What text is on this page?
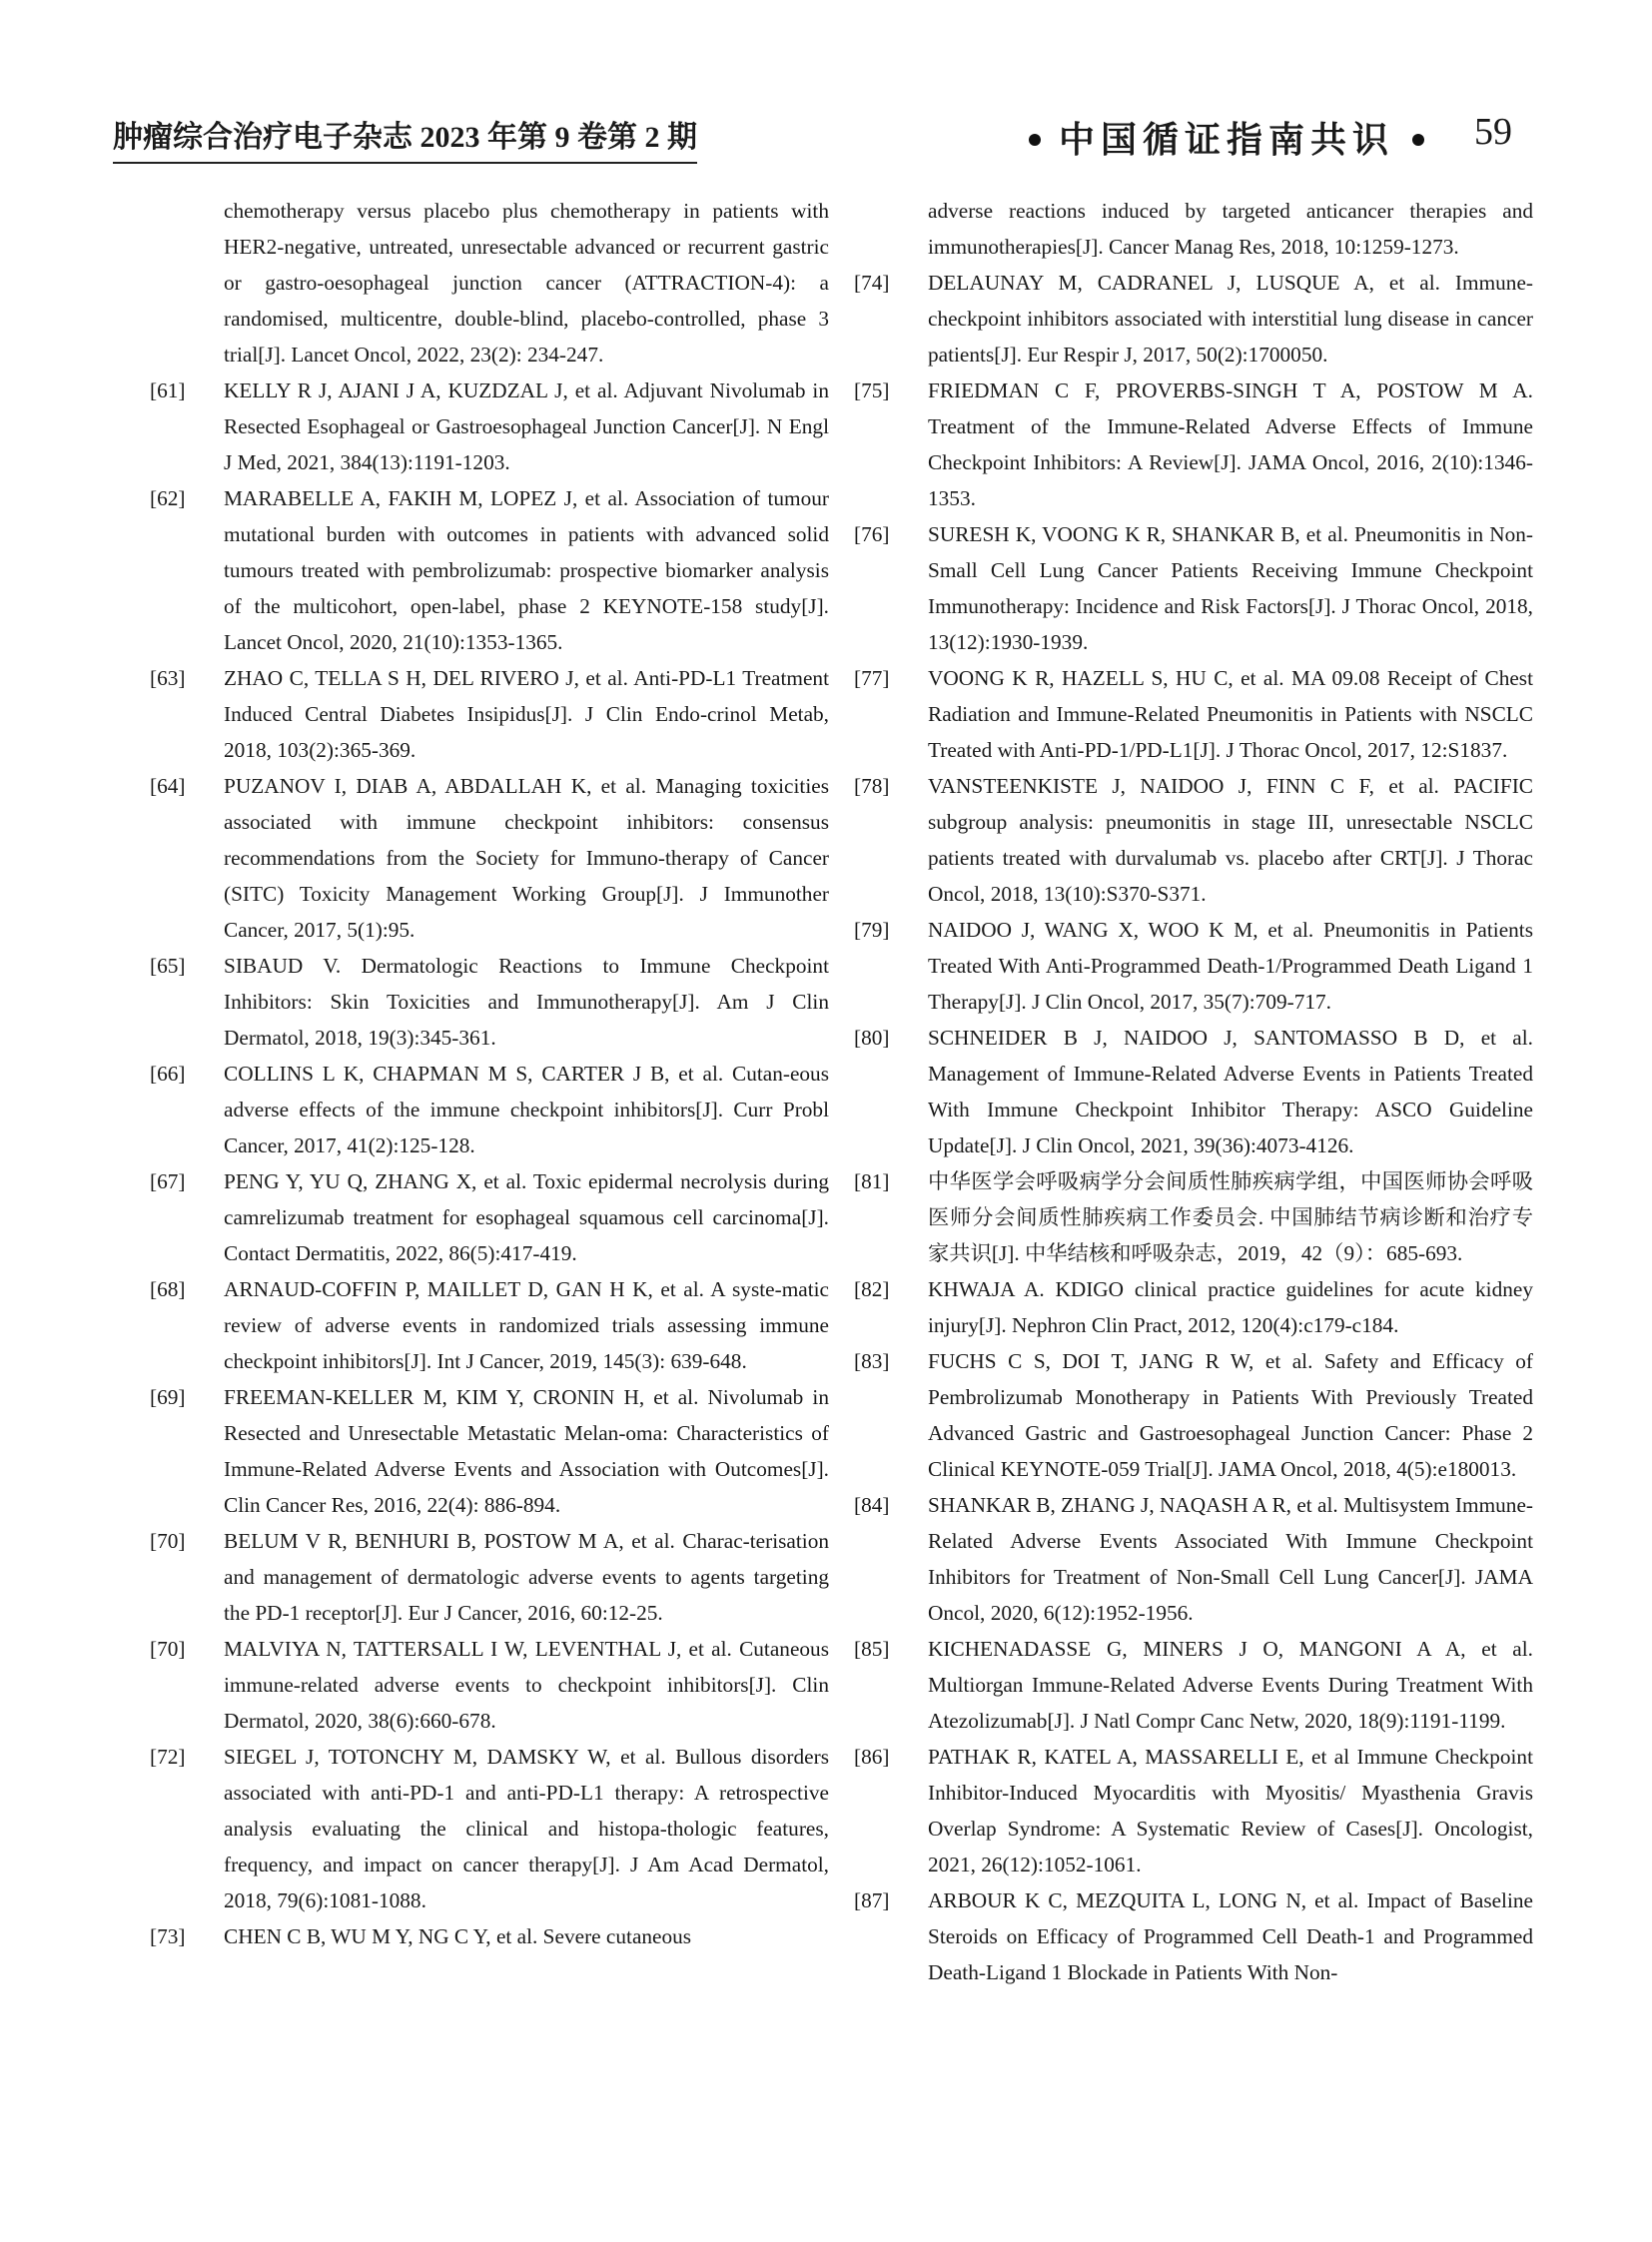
肿瘤综合治疗电子杂志 2023 年第 9 卷第 2 期	中国循证指南共识	59
chemotherapy versus placebo plus chemotherapy in patients with HER2-negative, untreated, unresectable advanced or recurrent gastric or gastro-oesophageal junction cancer (ATTRACTION-4): a randomised, multicentre, double-blind, placebo-controlled, phase 3 trial[J]. Lancet Oncol, 2022, 23(2): 234-247.
[61] KELLY R J, AJANI J A, KUZDZAL J, et al. Adjuvant Nivolumab in Resected Esophageal or Gastroesophageal Junction Cancer[J]. N Engl J Med, 2021, 384(13):1191-1203.
[62] MARABELLE A, FAKIH M, LOPEZ J, et al. Association of tumour mutational burden with outcomes in patients with advanced solid tumours treated with pembrolizumab: prospective biomarker analysis of the multicohort, open-label, phase 2 KEYNOTE-158 study[J]. Lancet Oncol, 2020, 21(10):1353-1365.
[63] ZHAO C, TELLA S H, DEL RIVERO J, et al. Anti-PD-L1 Treatment Induced Central Diabetes Insipidus[J]. J Clin Endo-crinol Metab, 2018, 103(2):365-369.
[64] PUZANOV I, DIAB A, ABDALLAH K, et al. Managing toxicities associated with immune checkpoint inhibitors: consensus recommendations from the Society for Immuno-therapy of Cancer (SITC) Toxicity Management Working Group[J]. J Immunother Cancer, 2017, 5(1):95.
[65] SIBAUD V. Dermatologic Reactions to Immune Checkpoint Inhibitors: Skin Toxicities and Immunotherapy[J]. Am J Clin Dermatol, 2018, 19(3):345-361.
[66] COLLINS L K, CHAPMAN M S, CARTER J B, et al. Cutan-eous adverse effects of the immune checkpoint inhibitors[J]. Curr Probl Cancer, 2017, 41(2):125-128.
[67] PENG Y, YU Q, ZHANG X, et al. Toxic epidermal necrolysis during camrelizumab treatment for esophageal squamous cell carcinoma[J]. Contact Dermatitis, 2022, 86(5):417-419.
[68] ARNAUD-COFFIN P, MAILLET D, GAN H K, et al. A syste-matic review of adverse events in randomized trials assessing immune checkpoint inhibitors[J]. Int J Cancer, 2019, 145(3): 639-648.
[69] FREEMAN-KELLER M, KIM Y, CRONIN H, et al. Nivolumab in Resected and Unresectable Metastatic Melan-oma: Characteristics of Immune-Related Adverse Events and Association with Outcomes[J]. Clin Cancer Res, 2016, 22(4): 886-894.
[70] BELUM V R, BENHURI B, POSTOW M A, et al. Charac-terisation and management of dermatologic adverse events to agents targeting the PD-1 receptor[J]. Eur J Cancer, 2016, 60:12-25.
[70] MALVIYA N, TATTERSALL I W, LEVENTHAL J, et al. Cutaneous immune-related adverse events to checkpoint inhibitors[J]. Clin Dermatol, 2020, 38(6):660-678.
[72] SIEGEL J, TOTONCHY M, DAMSKY W, et al. Bullous disorders associated with anti-PD-1 and anti-PD-L1 therapy: A retrospective analysis evaluating the clinical and histopa-thologic features, frequency, and impact on cancer therapy[J]. J Am Acad Dermatol, 2018, 79(6):1081-1088.
[73] CHEN C B, WU M Y, NG C Y, et al. Severe cutaneous
adverse reactions induced by targeted anticancer therapies and immunotherapies[J]. Cancer Manag Res, 2018, 10:1259-1273.
[74] DELAUNAY M, CADRANEL J, LUSQUE A, et al. Immune-checkpoint inhibitors associated with interstitial lung disease in cancer patients[J]. Eur Respir J, 2017, 50(2):1700050.
[75] FRIEDMAN C F, PROVERBS-SINGH T A, POSTOW M A. Treatment of the Immune-Related Adverse Effects of Immune Checkpoint Inhibitors: A Review[J]. JAMA Oncol, 2016, 2(10):1346-1353.
[76] SURESH K, VOONG K R, SHANKAR B, et al. Pneumonitis in Non-Small Cell Lung Cancer Patients Receiving Immune Checkpoint Immunotherapy: Incidence and Risk Factors[J]. J Thorac Oncol, 2018, 13(12):1930-1939.
[77] VOONG K R, HAZELL S, HU C, et al. MA 09.08 Receipt of Chest Radiation and Immune-Related Pneumonitis in Patients with NSCLC Treated with Anti-PD-1/PD-L1[J]. J Thorac Oncol, 2017, 12:S1837.
[78] VANSTEENKISTE J, NAIDOO J, FINN C F, et al. PACIFIC subgroup analysis: pneumonitis in stage III, unresectable NSCLC patients treated with durvalumab vs. placebo after CRT[J]. J Thorac Oncol, 2018, 13(10):S370-S371.
[79] NAIDOO J, WANG X, WOO K M, et al. Pneumonitis in Patients Treated With Anti-Programmed Death-1/Programmed Death Ligand 1 Therapy[J]. J Clin Oncol, 2017, 35(7):709-717.
[80] SCHNEIDER B J, NAIDOO J, SANTOMASSO B D, et al. Management of Immune-Related Adverse Events in Patients Treated With Immune Checkpoint Inhibitor Therapy: ASCO Guideline Update[J]. J Clin Oncol, 2021, 39(36):4073-4126.
[81] 中华医学会呼吸病学分会间质性肺疾病学组，中国医师协会呼吸医师分会间质性肺疾病工作委员会. 中国肺结节病诊断和治疗专家共识[J]. 中华结核和呼吸杂志，2019，42（9）：685-693.
[82] KHWAJA A. KDIGO clinical practice guidelines for acute kidney injury[J]. Nephron Clin Pract, 2012, 120(4):c179-c184.
[83] FUCHS C S, DOI T, JANG R W, et al. Safety and Efficacy of Pembrolizumab Monotherapy in Patients With Previously Treated Advanced Gastric and Gastroesophageal Junction Cancer: Phase 2 Clinical KEYNOTE-059 Trial[J]. JAMA Oncol, 2018, 4(5):e180013.
[84] SHANKAR B, ZHANG J, NAQASH A R, et al. Multisystem Immune-Related Adverse Events Associated With Immune Checkpoint Inhibitors for Treatment of Non-Small Cell Lung Cancer[J]. JAMA Oncol, 2020, 6(12):1952-1956.
[85] KICHENADASSE G, MINERS J O, MANGONI A A, et al. Multiorgan Immune-Related Adverse Events During Treatment With Atezolizumab[J]. J Natl Compr Canc Netw, 2020, 18(9):1191-1199.
[86] PATHAK R, KATEL A, MASSARELLI E, et al Immune Checkpoint Inhibitor-Induced Myocarditis with Myositis/ Myasthenia Gravis Overlap Syndrome: A Systematic Review of Cases[J]. Oncologist, 2021, 26(12):1052-1061.
[87] ARBOUR K C, MEZQUITA L, LONG N, et al. Impact of Baseline Steroids on Efficacy of Programmed Cell Death-1 and Programmed Death-Ligand 1 Blockade in Patients With Non-
